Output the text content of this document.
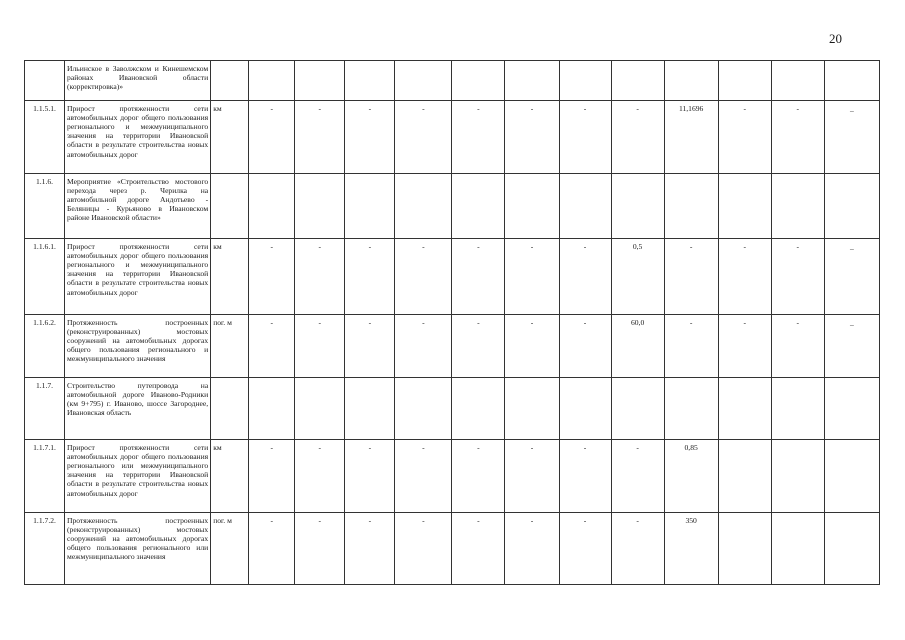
20
	Ильинское в Заволжском и Кинешемском районах Ивановской области (корректировка)»													
1.1.5.1.	Прирост протяженности сети автомобильных дорог общего пользования регионального и межмуниципального значения на территории Ивановской области в результате строительства новых автомобильных дорог	км	-	-	-	-	-	-	-	-	11,1696	-	-	_
1.1.6.	Мероприятие «Строительство мостового перехода через р. Черилка на автомобильной дороге Андотьево - Беляницы - Курьяново в Ивановском районе Ивановской области»													
1.1.6.1.	Прирост протяженности сети автомобильных дорог общего пользования регионального и межмуниципального значения на территории Ивановской области в результате строительства новых автомобильных дорог	км	-	-	-	-	-	-	-	0,5	-	-	-	_
1.1.6.2.	Протяженность построенных (реконструированных) мостовых сооружений на автомобильных дорогах общего пользования регионального и межмуниципального значения	пог. м	-	-	-	-	-	-	-	60,0	-	-	-	_
1.1.7.	Строительство путепровода на автомобильной дороге Иваново-Родники (км 9+795) г. Иваново, шоссе Загороднее, Ивановская область													
1.1.7.1.	Прирост протяженности сети автомобильных дорог общего пользования регионального или межмуниципального значения на территории Ивановской области в результате строительства новых автомобильных дорог	км	-	-	-	-	-	-	-	-	0,85			
1.1.7.2.	Протяженность построенных (реконструированных) мостовых сооружений на автомобильных дорогах общего пользования регионального или межмуниципального значения	пог. м	-	-	-	-	-	-	-	-	350			
